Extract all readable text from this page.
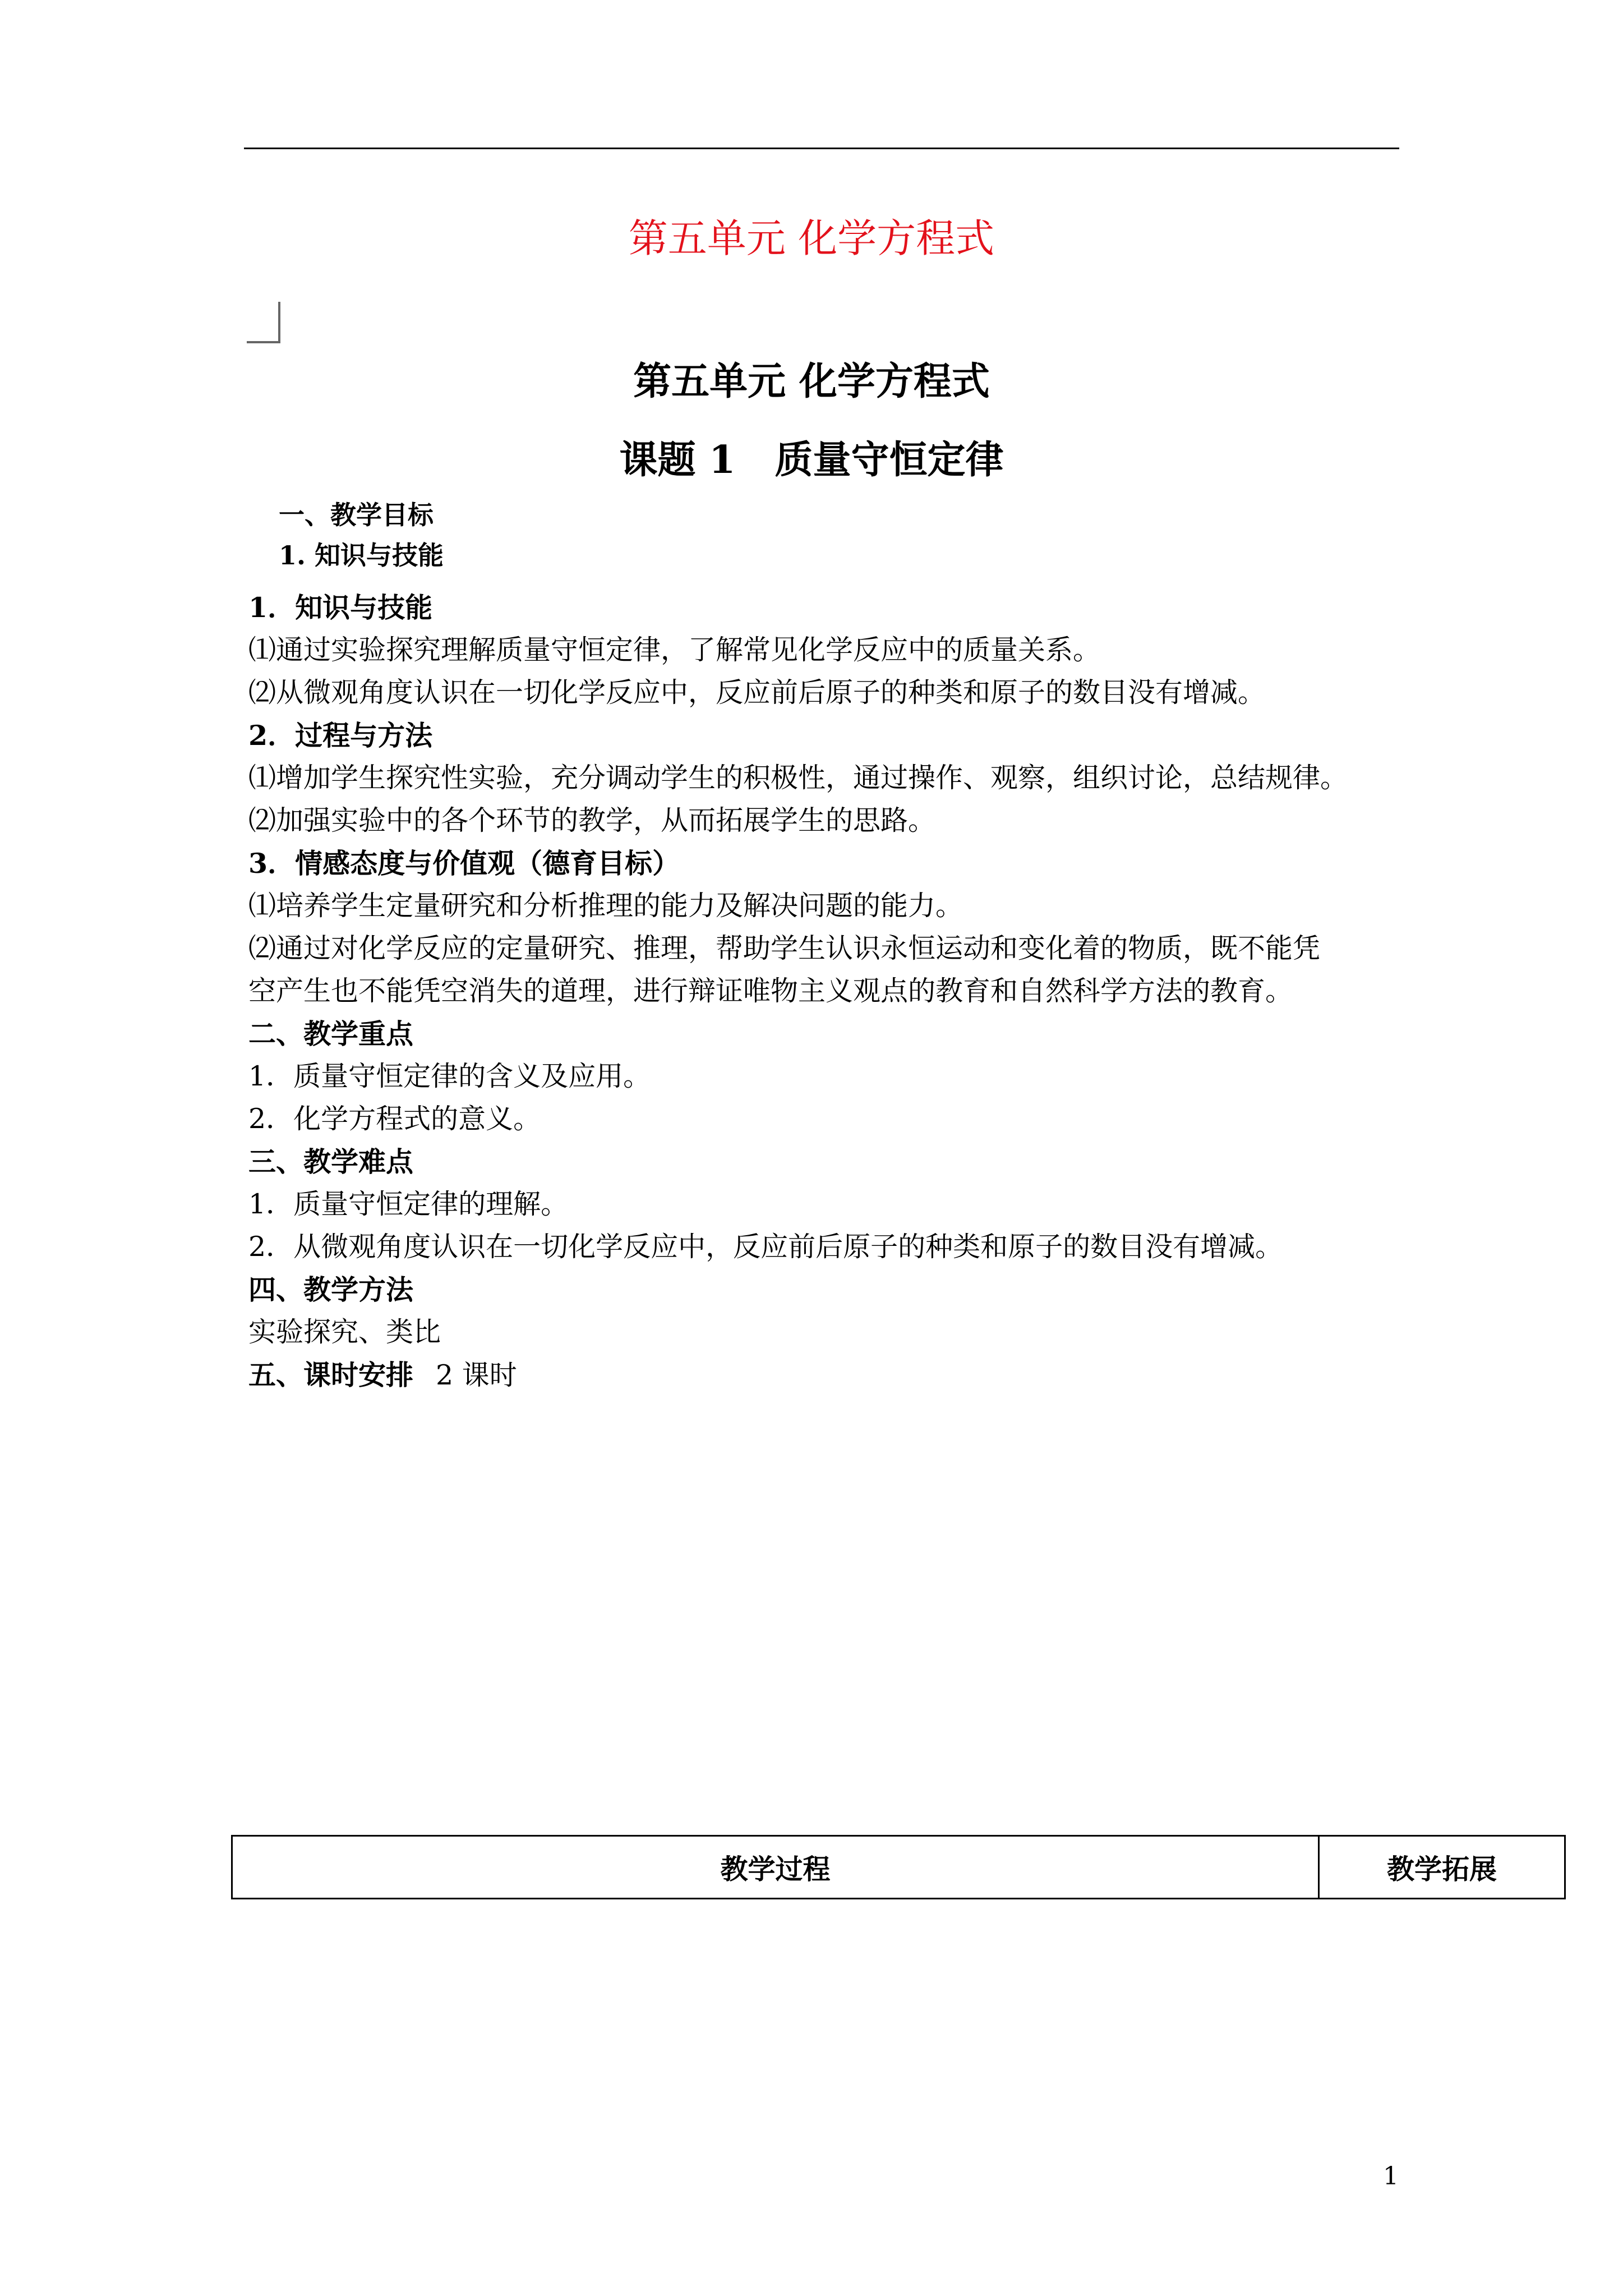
第五单元 化学方程式
第五单元 化学方程式
课题 1 质量守恒定律
一、教学目标
1. 知识与技能
1．知识与技能
⑴通过实验探究理解质量守恒定律，了解常见化学反应中的质量关系。
⑵从微观角度认识在一切化学反应中，反应前后原子的种类和原子的数目没有增减。
2．过程与方法
⑴增加学生探究性实验，充分调动学生的积极性，通过操作、观察，组织讨论，总结规律。
⑵加强实验中的各个环节的教学，从而拓展学生的思路。
3．情感态度与价值观（德育目标）
⑴培养学生定量研究和分析推理的能力及解决问题的能力。
⑵通过对化学反应的定量研究、推理，帮助学生认识永恒运动和变化着的物质，既不能凭
空产生也不能凭空消失的道理，进行辩证唯物主义观点的教育和自然科学方法的教育。
二、教学重点
1．质量守恒定律的含义及应用。
2．化学方程式的意义。
三、教学难点
1．质量守恒定律的理解。
2．从微观角度认识在一切化学反应中，反应前后原子的种类和原子的数目没有增减。
四、教学方法
实验探究、类比
五、课时安排 2 课时
教学过程	教学拓展
1
